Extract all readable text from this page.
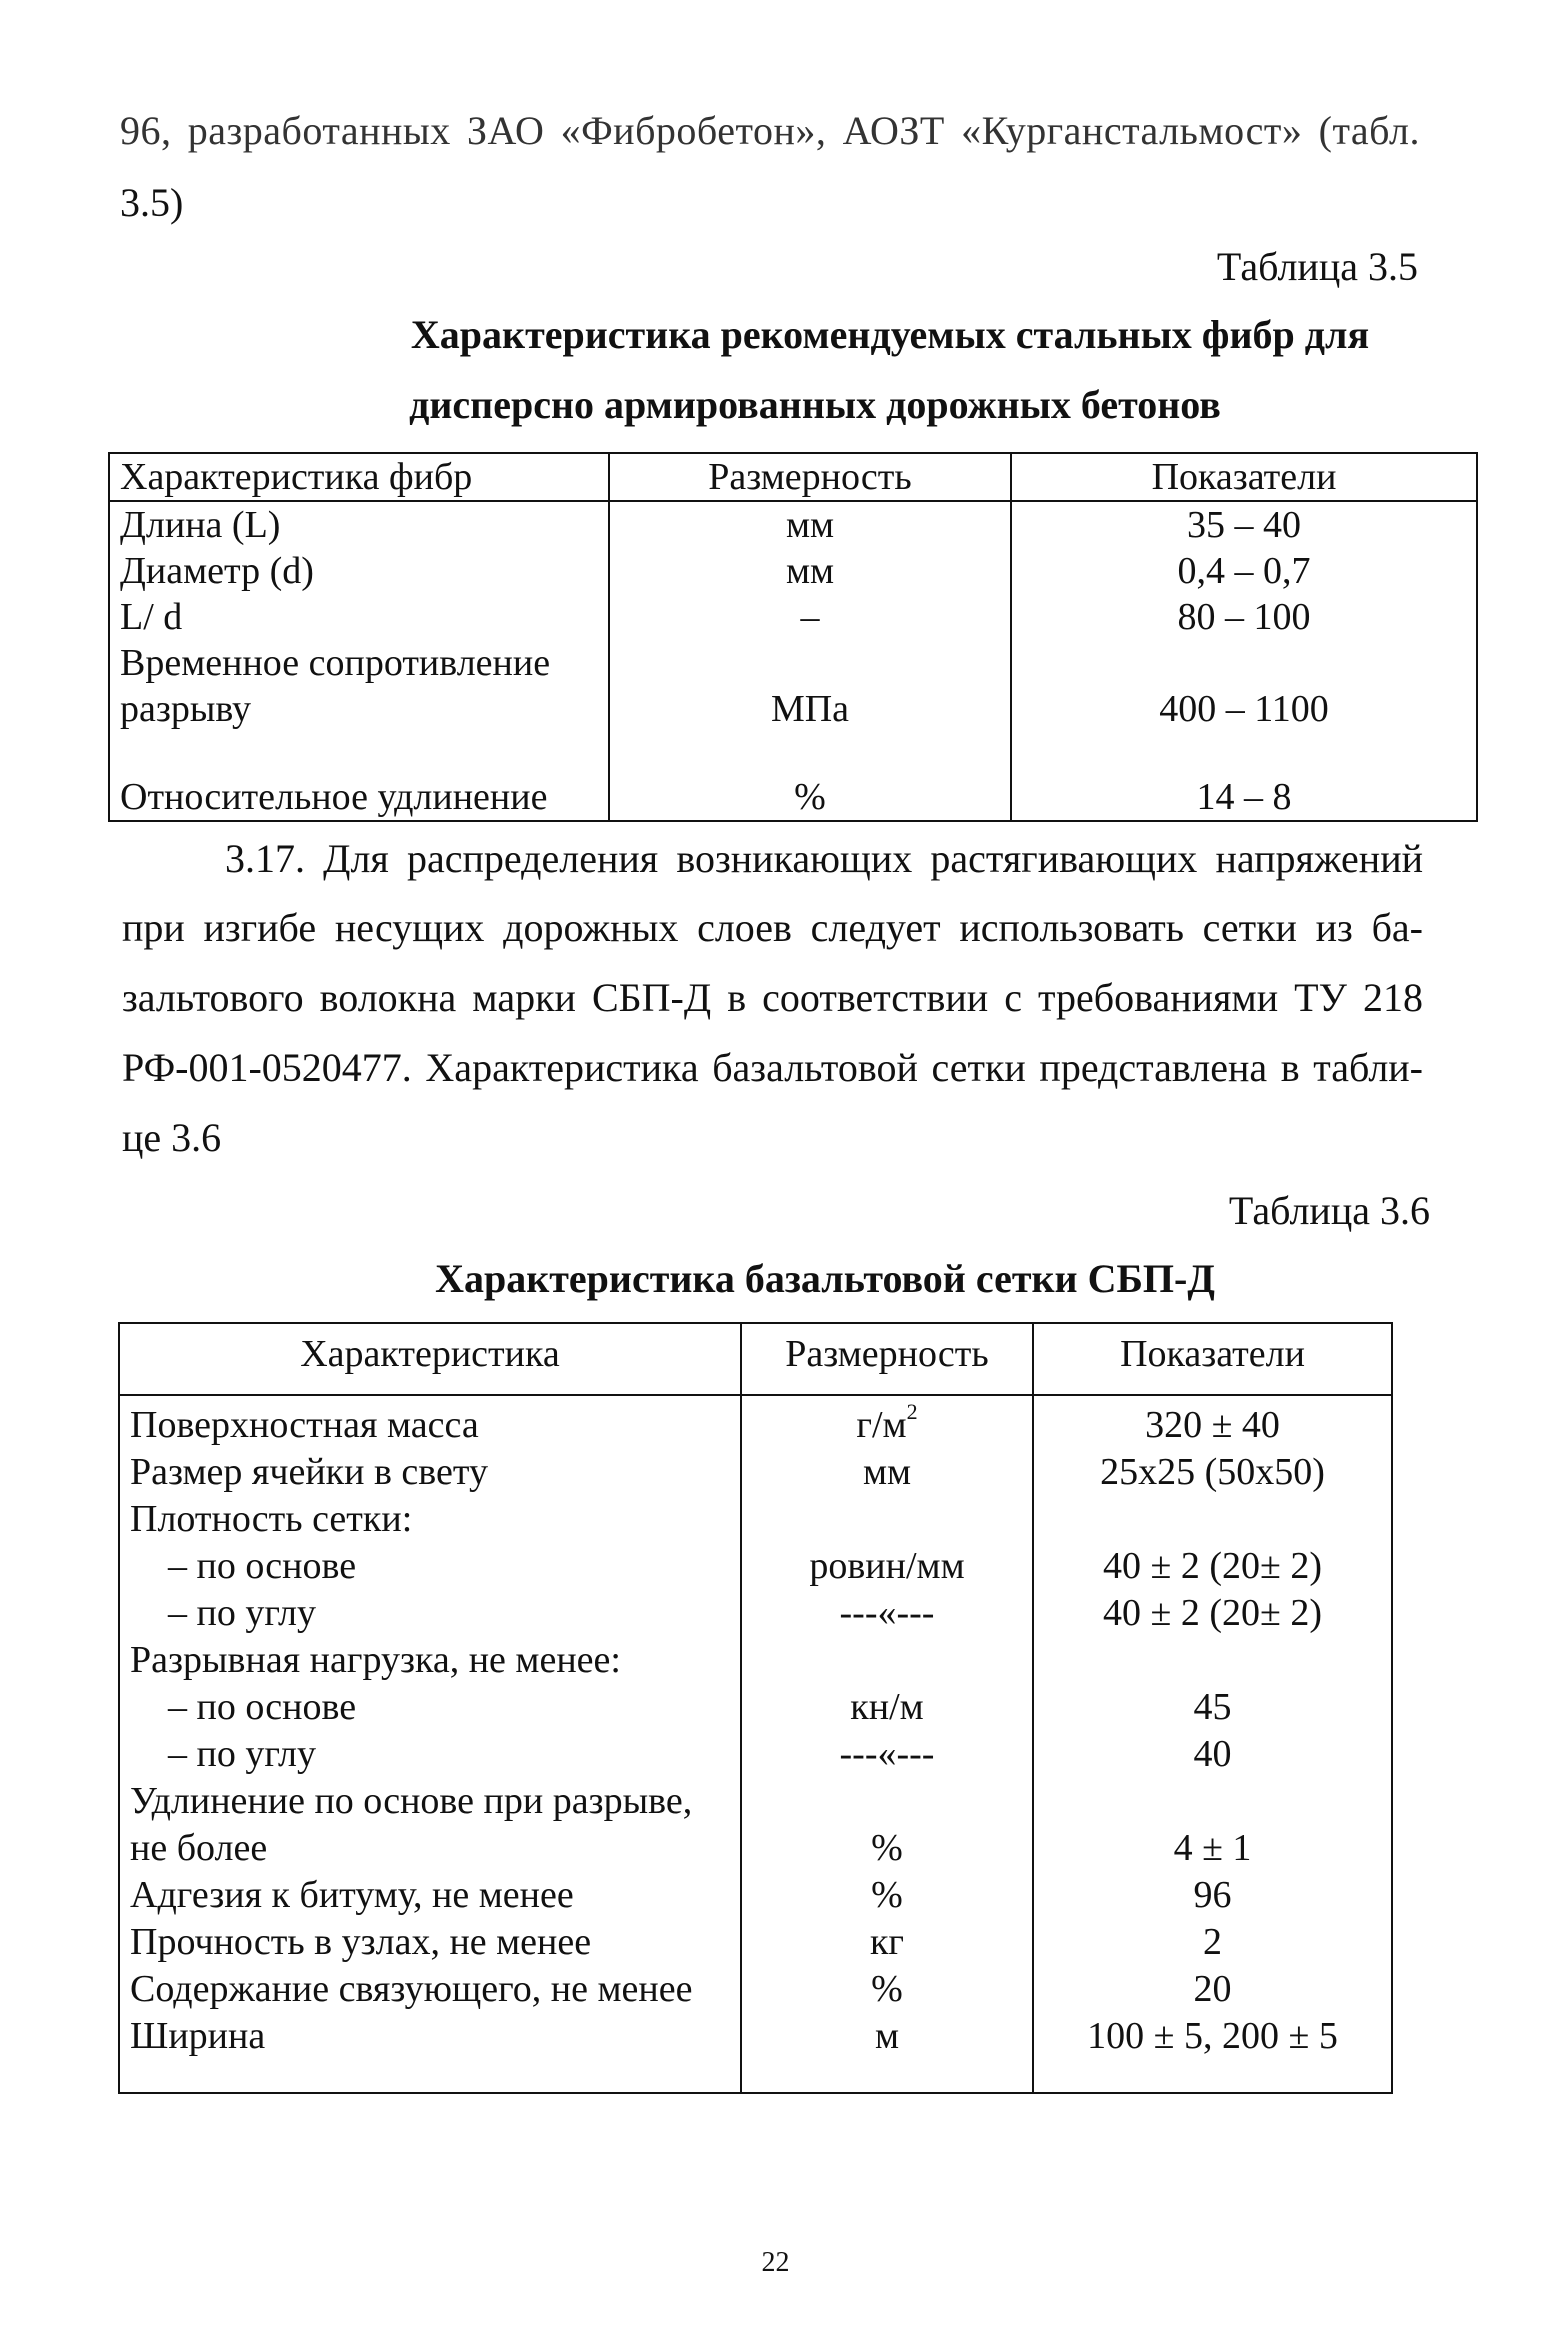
96, разработанных ЗАО «Фибробетон», АОЗТ «Курганстальмост» (табл.
3.5)
Таблица 3.5
Характеристика рекомендуемых стальных фибр для
дисперсно армированных дорожных бетонов
Характеристика фибр	Размерность	Показатели
Длина (L)	мм	35 – 40
Диаметр (d)	мм	0,4 – 0,7
L/ d	–	80 – 100

Временное сопротивление
разрыву	МПа	400 – 1100
Относительное удлинение	%	14 – 8
3.17. Для распределения возникающих растягивающих напряжений
при изгибе несущих дорожных слоев следует использовать сетки из ба-
зальтового волокна марки СБП-Д в соответствии с требованиями ТУ 218
РФ-001-0520477. Характеристика базальтовой сетки представлена в табли-
це 3.6
Таблица 3.6
Характеристика базальтовой сетки СБП-Д
Характеристика	Размерность	Показатели
Поверхностная масса	$г/м^2$	320 ± 40
Размер ячейки в свету	мм	25х25 (50х50)
Плотность сетки:		
– по основе	ровин/мм	40 ± 2 (20± 2)
– по углу	---«---	40 ± 2 (20± 2)
Разрывная нагрузка, не менее:		
– по основе	кн/м	45
– по углу	---«---	40
Удлинение по основе при разрыве,		
не более	%	4 ± 1
Адгезия к битуму, не менее	%	96
Прочность в узлах, не менее	кг	2
Содержание связующего, не менее	%	20
Ширина	м	100 ± 5, 200 ± 5
22
